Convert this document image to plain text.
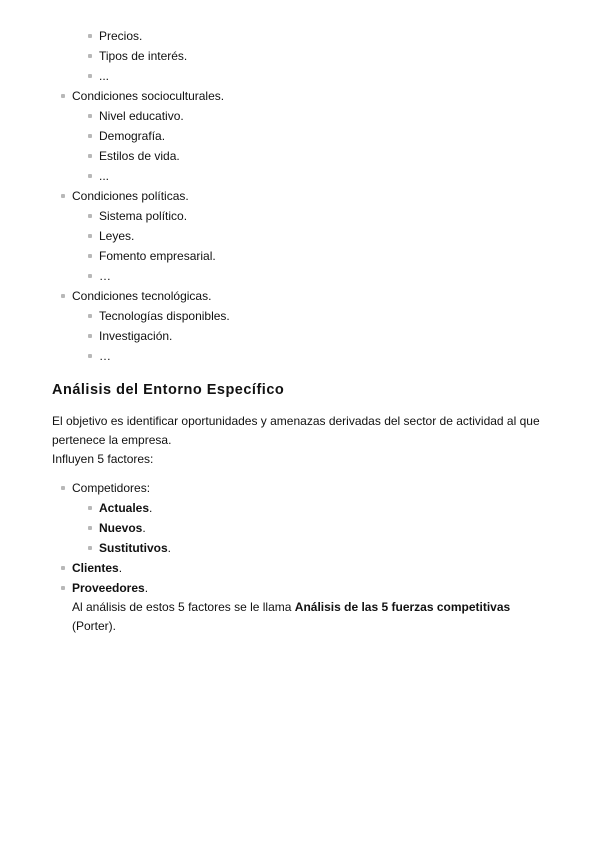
Precios.
Tipos de interés.
...
Condiciones socioculturales.
Nivel educativo.
Demografía.
Estilos de vida.
...
Condiciones políticas.
Sistema político.
Leyes.
Fomento empresarial.
…
Condiciones tecnológicas.
Tecnologías disponibles.
Investigación.
…
Análisis del Entorno Específico

El objetivo es identificar oportunidades y amenazas derivadas del sector de actividad al que
pertenece la empresa.
Influyen 5 factores:

Competidores:
Actuales.
Nuevos.
Sustitutivos.
Clientes.
Proveedores.
Al análisis de estos 5 factores se le llama Análisis de las 5 fuerzas competitivas (Porter).
